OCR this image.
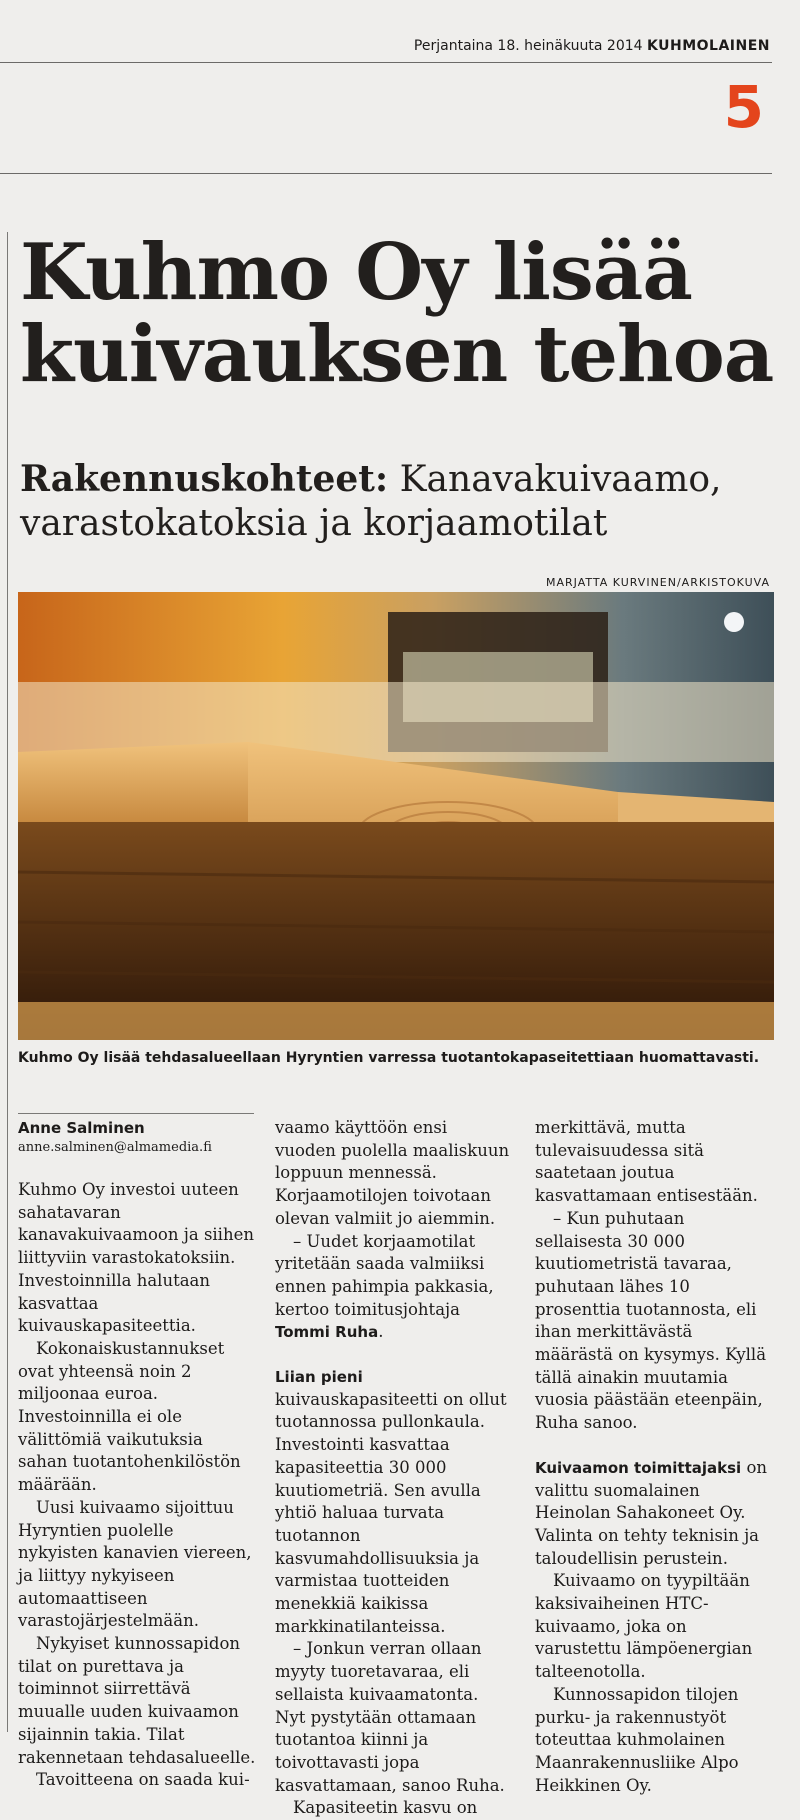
Perjantaina 18. heinäkuuta 2014 KUHMOLAINEN
5
Kuhmo Oy lisää kuivauksen tehoa
Rakennuskohteet: Kanavakuivaamo, varastokatoksia ja korjaamotilat
MARJATTA KURVINEN/ARKISTOKUVA
Kuhmo Oy lisää tehdasalueellaan Hyryntien varressa tuotantokapaseitettiaan huomattavasti.
Anne Salminen
anne.salminen@almamedia.fi

Kuhmo Oy investoi uuteen sahatavaran kanavakuivaamoon ja siihen liittyviin varastokatoksiin. Investoinnilla halutaan kasvattaa kuivauskapasiteettia.

Kokonaiskustannukset ovat yhteensä noin 2 miljoonaa euroa. Investoinnilla ei ole välittömiä vaikutuksia sahan tuotantohenkilöstön määrään.

Uusi kuivaamo sijoittuu Hyryntien puolelle nykyisten kanavien viereen, ja liittyy nykyiseen automaattiseen varastojärjestelmään.

Nykyiset kunnossapidon tilat on purettava ja toiminnot siirrettävä muualle uuden kuivaamon sijainnin takia. Tilat rakennetaan tehdasalueelle.

Tavoitteena on saada kui-

vaamo käyttöön ensi vuoden puolella maaliskuun loppuun mennessä. Korjaamotilojen toivotaan olevan valmiit jo aiemmin.

– Uudet korjaamotilat yritetään saada valmiiksi ennen pahimpia pakkasia, kertoo toimitusjohtaja Tommi Ruha.

Liian pieni kuivauskapasiteetti on ollut tuotannossa pullonkaula. Investointi kasvattaa kapasiteettia 30 000 kuutiometriä. Sen avulla yhtiö haluaa turvata tuotannon kasvumahdollisuuksia ja varmistaa tuotteiden menekkiä kaikissa markkinatilanteissa.

– Jonkun verran ollaan myyty tuoretavaraa, eli sellaista kuivaamatonta. Nyt pystytään ottamaan tuotantoa kiinni ja toivottavasti jopa kasvattamaan, sanoo Ruha.

Kapasiteetin kasvu on

merkittävä, mutta tulevaisuudessa sitä saatetaan joutua kasvattamaan entisestään.

– Kun puhutaan sellaisesta 30 000 kuutiometristä tavaraa, puhutaan lähes 10 prosenttia tuotannosta, eli ihan merkittävästä määrästä on kysymys. Kyllä tällä ainakin muutamia vuosia päästään eteenpäin, Ruha sanoo.

Kuivaamon toimittajaksi on valittu suomalainen Heinolan Sahakoneet Oy. Valinta on tehty teknisin ja taloudellisin perustein.

Kuivaamo on tyypiltään kaksivaiheinen HTC-kuivaamo, joka on varustettu lämpöenergian talteenotolla.

Kunnossapidon tilojen purku- ja rakennustyöt toteuttaa kuhmolainen Maanrakennusliike Alpo Heikkinen Oy.
